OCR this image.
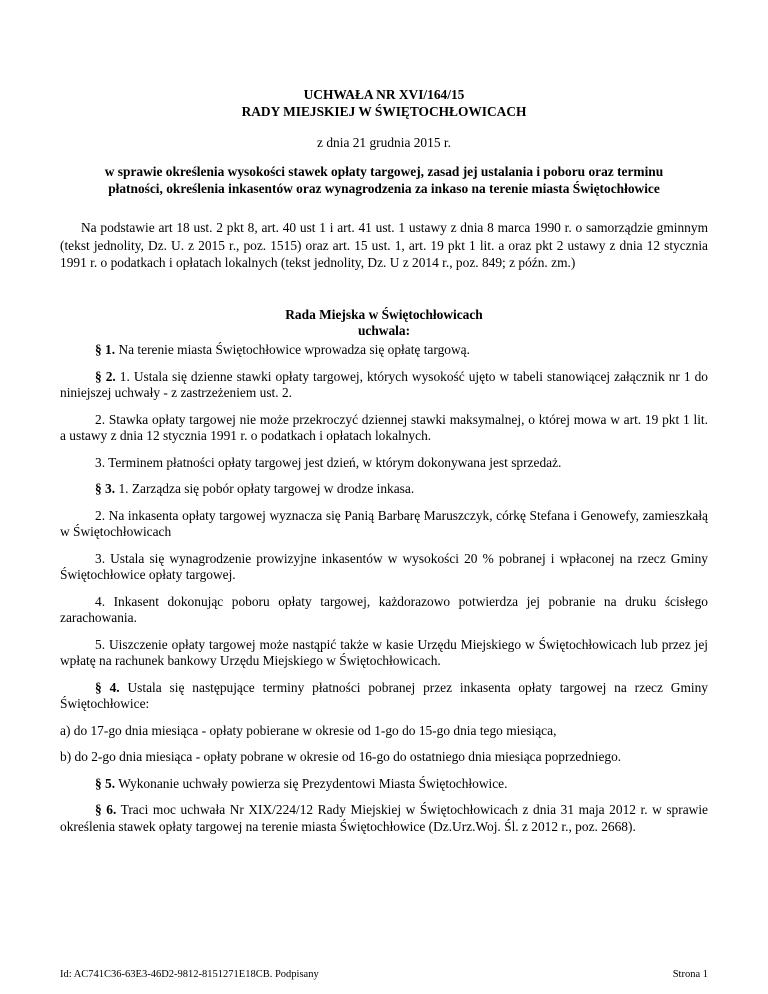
UCHWAŁA NR XVI/164/15
RADY MIEJSKIEJ W ŚWIĘTOCHŁOWICACH
z dnia 21 grudnia 2015 r.
w sprawie określenia wysokości stawek opłaty targowej, zasad jej ustalania i poboru oraz terminu
płatności, określenia inkasentów oraz wynagrodzenia za inkaso na terenie miasta Świętochłowice
Na podstawie art 18 ust. 2 pkt 8, art. 40 ust 1 i art. 41 ust. 1 ustawy z dnia 8 marca 1990 r. o samorządzie gminnym (tekst jednolity, Dz. U. z 2015 r., poz. 1515) oraz art. 15 ust. 1, art. 19 pkt 1 lit. a oraz pkt 2 ustawy z dnia 12 stycznia 1991 r. o podatkach i opłatach lokalnych (tekst jednolity, Dz. U z 2014 r., poz. 849; z późn. zm.)
Rada Miejska w Świętochłowicach
uchwala:

§ 1. Na terenie miasta Świętochłowice wprowadza się opłatę targową.

§ 2. 1. Ustala się dzienne stawki opłaty targowej, których wysokość ujęto w tabeli stanowiącej załącznik nr 1 do niniejszej uchwały - z zastrzeżeniem ust. 2.

2. Stawka opłaty targowej nie może przekroczyć dziennej stawki maksymalnej, o której mowa w art. 19 pkt 1 lit. a ustawy z dnia 12 stycznia 1991 r. o podatkach i opłatach lokalnych.

3. Terminem płatności opłaty targowej jest dzień, w którym dokonywana jest sprzedaż.

§ 3. 1. Zarządza się pobór opłaty targowej w drodze inkasa.

2. Na inkasenta opłaty targowej wyznacza się Panią Barbarę Maruszczyk, córkę Stefana i Genowefy, zamieszkałą w Świętochłowicach

3. Ustala się wynagrodzenie prowizyjne inkasentów w wysokości 20 % pobranej i wpłaconej na rzecz Gminy Świętochłowice opłaty targowej.

4. Inkasent dokonując poboru opłaty targowej, każdorazowo potwierdza jej pobranie na druku ścisłego zarachowania.

5. Uiszczenie opłaty targowej może nastąpić także w kasie Urzędu Miejskiego w Świętochłowicach lub przez jej wpłatę na rachunek bankowy Urzędu Miejskiego w Świętochłowicach.

§ 4. Ustala się następujące terminy płatności pobranej przez inkasenta opłaty targowej na rzecz Gminy Świętochłowice:

a) do 17-go dnia miesiąca - opłaty pobierane w okresie od 1-go do 15-go dnia tego miesiąca,

b) do 2-go dnia miesiąca - opłaty pobrane w okresie od 16-go do ostatniego dnia miesiąca poprzedniego.

§ 5. Wykonanie uchwały powierza się Prezydentowi Miasta Świętochłowice.

§ 6. Traci moc uchwała Nr XIX/224/12 Rady Miejskiej w Świętochłowicach z dnia 31 maja 2012 r. w sprawie określenia stawek opłaty targowej na terenie miasta Świętochłowice (Dz.Urz.Woj. Śl. z 2012 r., poz. 2668).

Id: AC741C36-63E3-46D2-9812-8151271E18CB. Podpisany	Strona 1
